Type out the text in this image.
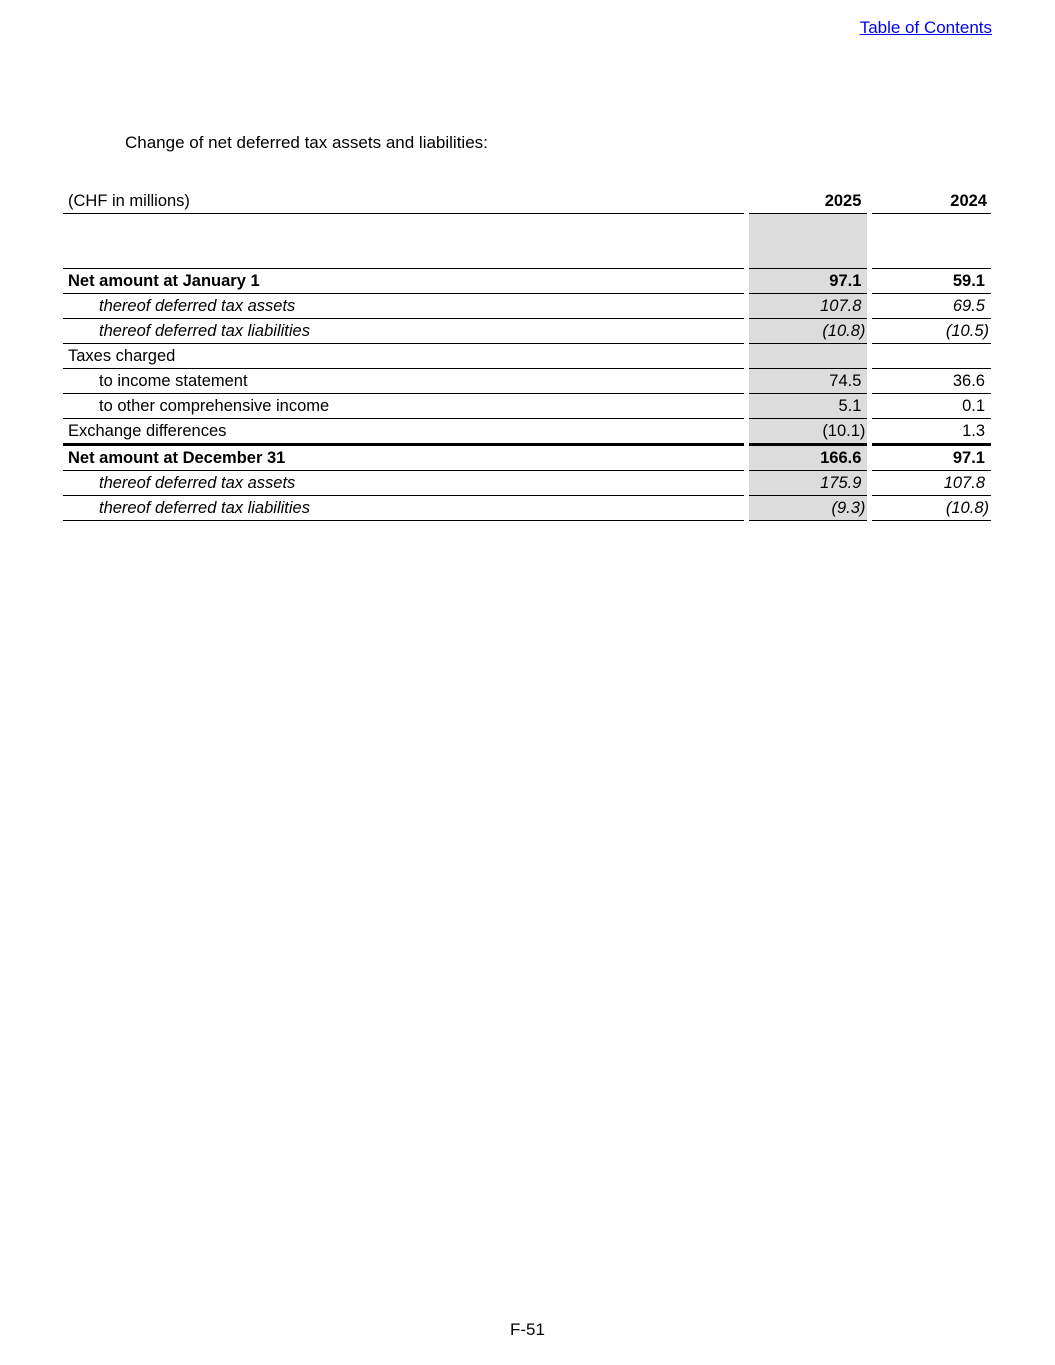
Table of Contents
Change of net deferred tax assets and liabilities:
(CHF in millions)		2025		2024

Net amount at January 1		97.1		59.1
thereof deferred tax assets		107.8		69.5
thereof deferred tax liabilities		(10.8)		(10.5)
Taxes charged				
to income statement		74.5		36.6
to other comprehensive income		5.1		0.1
Exchange differences		(10.1)		1.3
Net amount at December 31		166.6		97.1
thereof deferred tax assets		175.9		107.8
thereof deferred tax liabilities		(9.3)		(10.8)
F-51
